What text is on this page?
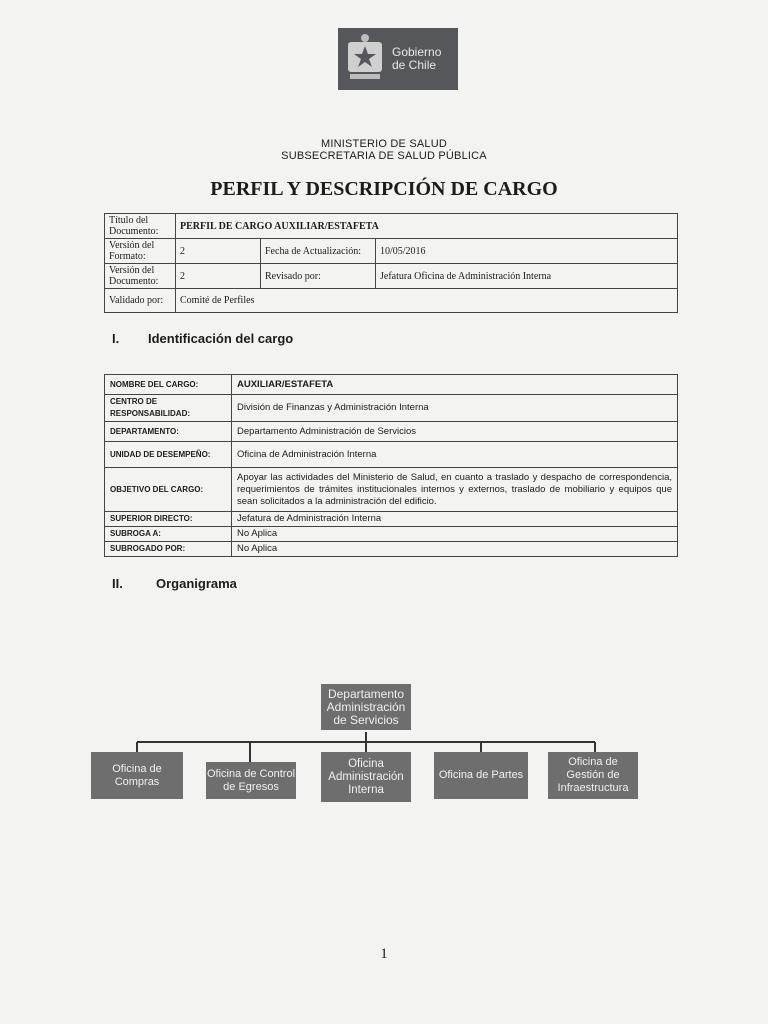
Gobierno
de Chile
MINISTERIO DE SALUD
SUBSECRETARIA DE SALUD PÚBLICA
PERFIL Y DESCRIPCIÓN DE CARGO
Título del Documento:	PERFIL DE CARGO AUXILIAR/ESTAFETA		
Versión del Formato:	2	Fecha de Actualización:	10/05/2016
Versión del Documento:	2	Revisado por:	Jefatura Oficina de Administración Interna
Validado por:	Comité de Perfiles		
I. Identificación del cargo
NOMBRE DEL CARGO:	AUXILIAR/ESTAFETA
CENTRO DE RESPONSABILIDAD:	División de Finanzas y Administración Interna
DEPARTAMENTO:	Departamento Administración de Servicios
UNIDAD DE DESEMPEÑO:	Oficina de Administración Interna
OBJETIVO DEL CARGO:	Apoyar las actividades del Ministerio de Salud, en cuanto a traslado y despacho de correspondencia, requerimientos de trámites institucionales internos y externos, traslado de mobiliario y equipos que sean solicitados a la administración del edificio.
SUPERIOR DIRECTO:	Jefatura de Administración Interna
SUBROGA A:	No Aplica
SUBROGADO POR:	No Aplica
II.	Organigrama
Departamento Administración de Servicios
Oficina de Compras
Oficina de Control de Egresos
Oficina Administración Interna
Oficina de Partes
Oficina de Gestión de Infraestructura
1
